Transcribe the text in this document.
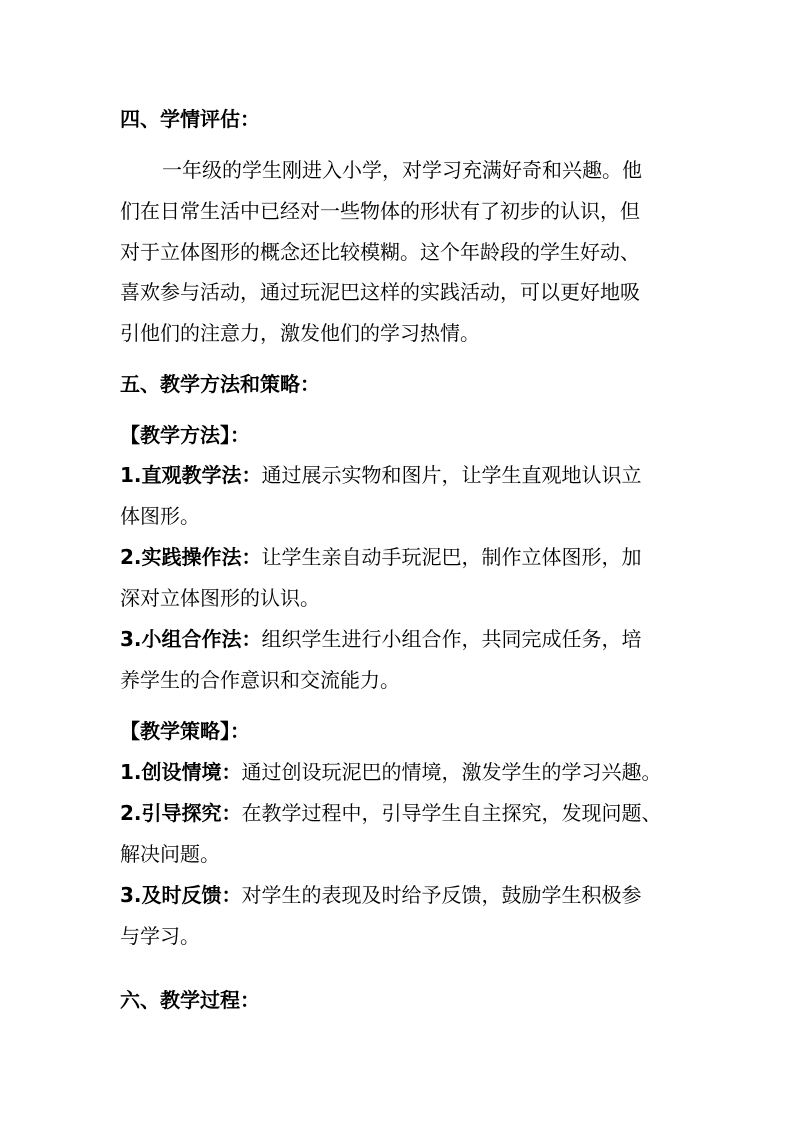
四、学情评估：
一年级的学生刚进入小学，对学习充满好奇和兴趣。他
们在日常生活中已经对一些物体的形状有了初步的认识，但
对于立体图形的概念还比较模糊。这个年龄段的学生好动、
喜欢参与活动，通过玩泥巴这样的实践活动，可以更好地吸
引他们的注意力，激发他们的学习热情。
五、教学方法和策略：
【教学方法】：
1.直观教学法：通过展示实物和图片，让学生直观地认识立
体图形。
2.实践操作法：让学生亲自动手玩泥巴，制作立体图形，加
深对立体图形的认识。
3.小组合作法：组织学生进行小组合作，共同完成任务，培
养学生的合作意识和交流能力。
【教学策略】：
1.创设情境：通过创设玩泥巴的情境，激发学生的学习兴趣。
2.引导探究：在教学过程中，引导学生自主探究，发现问题、
解决问题。
3.及时反馈：对学生的表现及时给予反馈，鼓励学生积极参
与学习。
六、教学过程：
